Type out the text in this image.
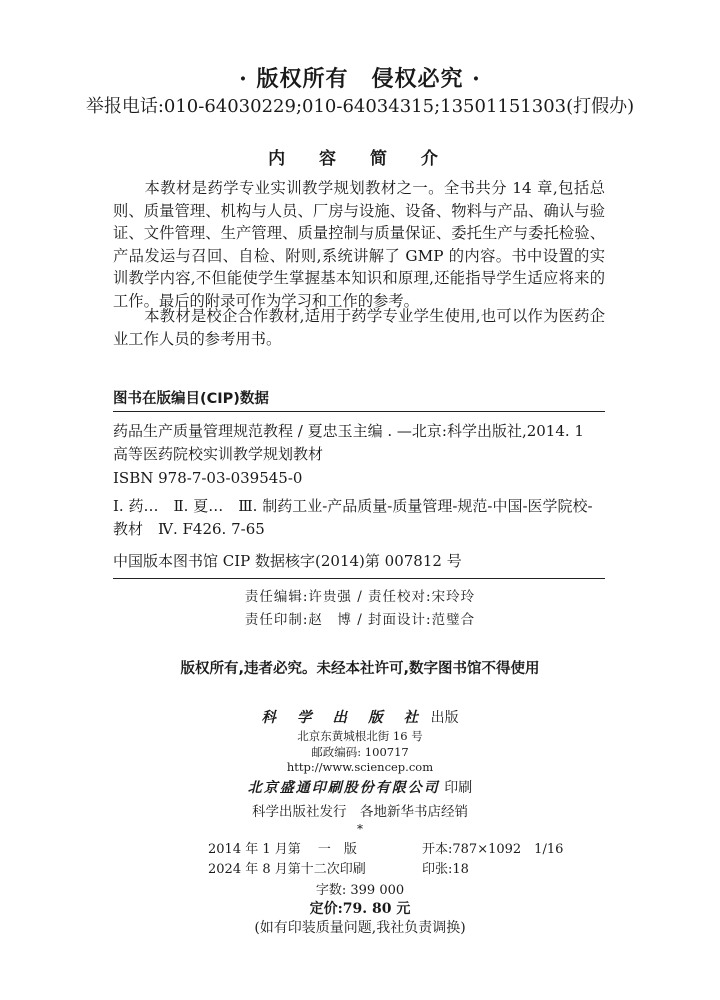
· 版权所有　侵权必究 ·
举报电话:010-64030229;010-64034315;13501151303(打假办)
内 容 简 介
本教材是药学专业实训教学规划教材之一。全书共分 14 章,包括总则、质量管理、机构与人员、厂房与设施、设备、物料与产品、确认与验证、文件管理、生产管理、质量控制与质量保证、委托生产与委托检验、产品发运与召回、自检、附则,系统讲解了 GMP 的内容。书中设置的实训教学内容,不但能使学生掌握基本知识和原理,还能指导学生适应将来的工作。最后的附录可作为学习和工作的参考。
本教材是校企合作教材,适用于药学专业学生使用,也可以作为医药企业工作人员的参考用书。
图书在版编目(CIP)数据
药品生产质量管理规范教程 / 夏忠玉主编 . —北京:科学出版社,2014. 1
高等医药院校实训教学规划教材
ISBN 978-7-03-039545-0
Ⅰ. 药…　Ⅱ. 夏…　Ⅲ. 制药工业-产品质量-质量管理-规范-中国-医学院校-教材　Ⅳ. F426. 7-65
中国版本图书馆 CIP 数据核字(2014)第 007812 号
责任编辑:许贵强 / 责任校对:宋玲玲
责任印制:赵　博 / 封面设计:范璧合
版权所有,违者必究。未经本社许可,数字图书馆不得使用
科 学 出 版 社 出版
北京东黄城根北街 16 号
邮政编码: 100717
http://www.sciencep.com
北京盛通印刷股份有限公司 印刷
科学出版社发行　各地新华书店经销
*
2014 年 1 月第　 一　版	开本:787×1092　1/16
2024 年 8 月第十二次印刷	印张:18
字数: 399 000
定价:79. 80 元
(如有印装质量问题,我社负责调换)
